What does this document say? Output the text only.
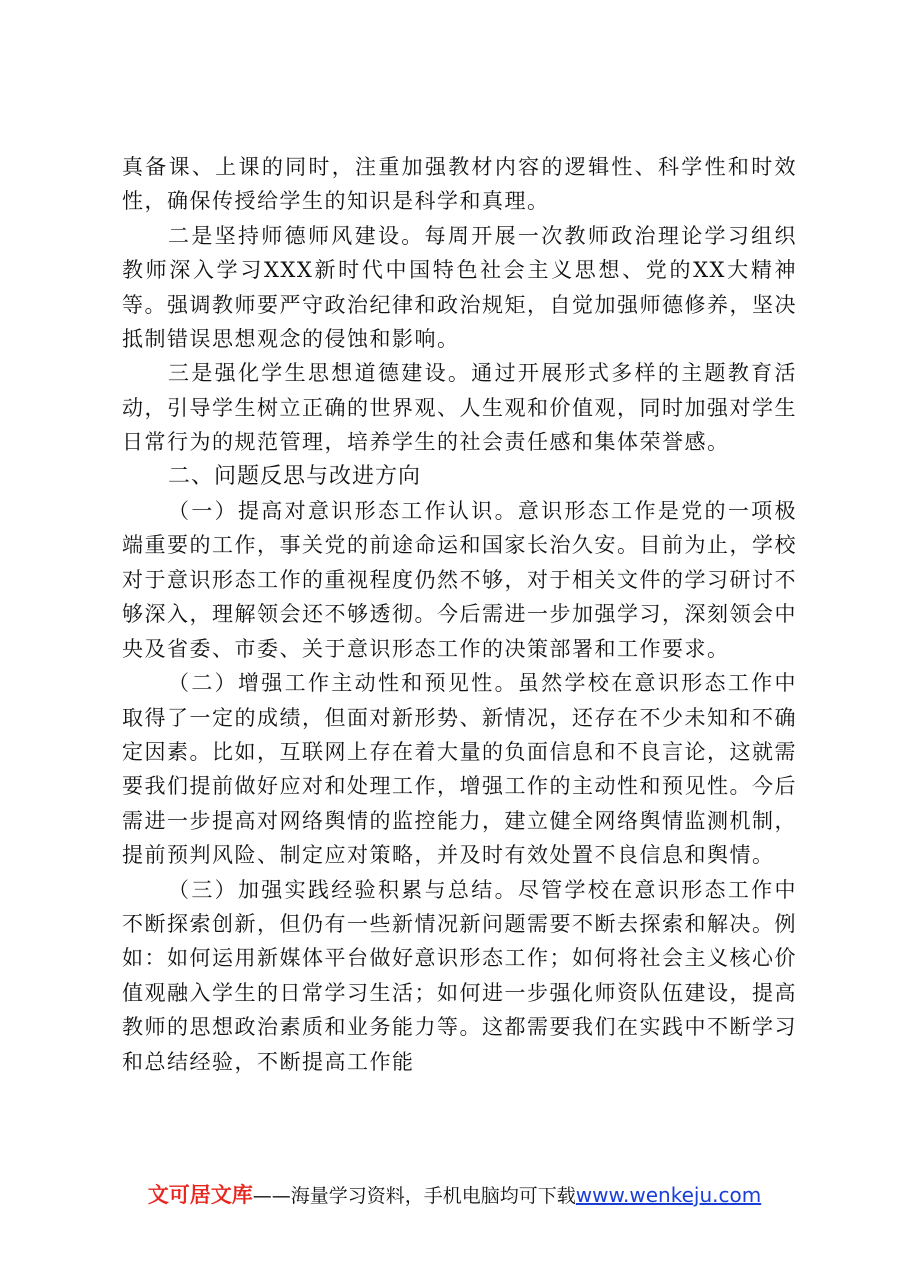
真备课、上课的同时，注重加强教材内容的逻辑性、科学性和时效性，确保传授给学生的知识是科学和真理。

二是坚持师德师风建设。每周开展一次教师政治理论学习组织教师深入学习XXX新时代中国特色社会主义思想、党的XX大精神等。强调教师要严守政治纪律和政治规矩，自觉加强师德修养，坚决抵制错误思想观念的侵蚀和影响。

三是强化学生思想道德建设。通过开展形式多样的主题教育活动，引导学生树立正确的世界观、人生观和价值观，同时加强对学生日常行为的规范管理，培养学生的社会责任感和集体荣誉感。

二、问题反思与改进方向

（一）提高对意识形态工作认识。意识形态工作是党的一项极端重要的工作，事关党的前途命运和国家长治久安。目前为止，学校对于意识形态工作的重视程度仍然不够，对于相关文件的学习研讨不够深入，理解领会还不够透彻。今后需进一步加强学习，深刻领会中央及省委、市委、关于意识形态工作的决策部署和工作要求。

（二）增强工作主动性和预见性。虽然学校在意识形态工作中取得了一定的成绩，但面对新形势、新情况，还存在不少未知和不确定因素。比如，互联网上存在着大量的负面信息和不良言论，这就需要我们提前做好应对和处理工作，增强工作的主动性和预见性。今后需进一步提高对网络舆情的监控能力，建立健全网络舆情监测机制，提前预判风险、制定应对策略，并及时有效处置不良信息和舆情。

（三）加强实践经验积累与总结。尽管学校在意识形态工作中不断探索创新，但仍有一些新情况新问题需要不断去探索和解决。例如：如何运用新媒体平台做好意识形态工作；如何将社会主义核心价值观融入学生的日常学习生活；如何进一步强化师资队伍建设，提高教师的思想政治素质和业务能力等。这都需要我们在实践中不断学习和总结经验，不断提高工作能

文可居文库——海量学习资料，手机电脑均可下载www.wenkeju.com
